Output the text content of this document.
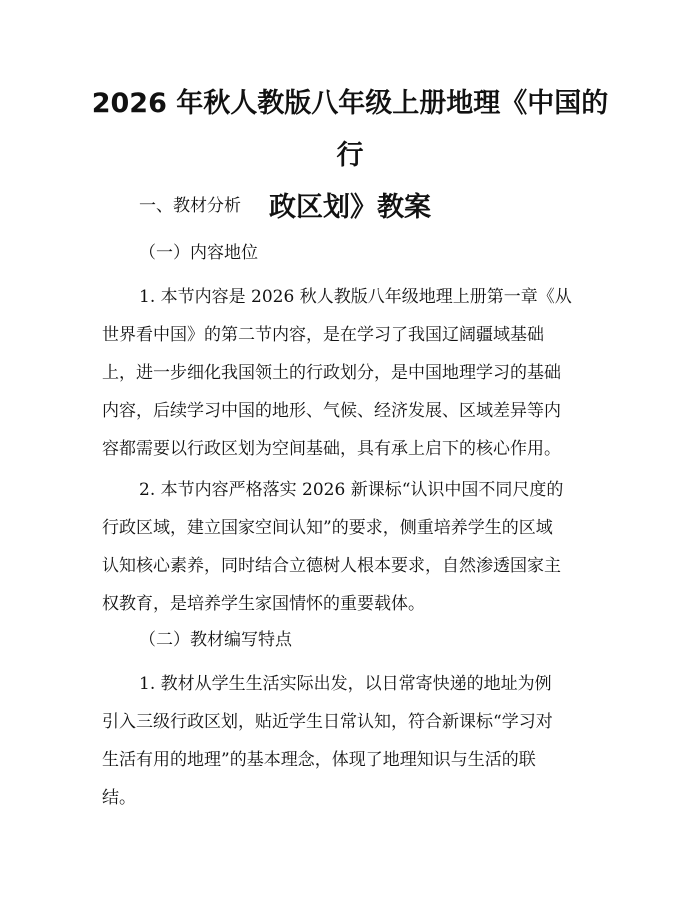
2026 年秋人教版八年级上册地理《中国的行
政区划》教案

一、教材分析

（一）内容地位

1. 本节内容是 2026 秋人教版八年级地理上册第一章《从
世界看中国》的第二节内容，是在学习了我国辽阔疆域基础
上，进一步细化我国领土的行政划分，是中国地理学习的基础
内容，后续学习中国的地形、气候、经济发展、区域差异等内
容都需要以行政区划为空间基础，具有承上启下的核心作用。

2. 本节内容严格落实 2026 新课标“认识中国不同尺度的
行政区域，建立国家空间认知”的要求，侧重培养学生的区域
认知核心素养，同时结合立德树人根本要求，自然渗透国家主
权教育，是培养学生家国情怀的重要载体。

（二）教材编写特点

1. 教材从学生生活实际出发，以日常寄快递的地址为例
引入三级行政区划，贴近学生日常认知，符合新课标“学习对
生活有用的地理”的基本理念，体现了地理知识与生活的联
结。
